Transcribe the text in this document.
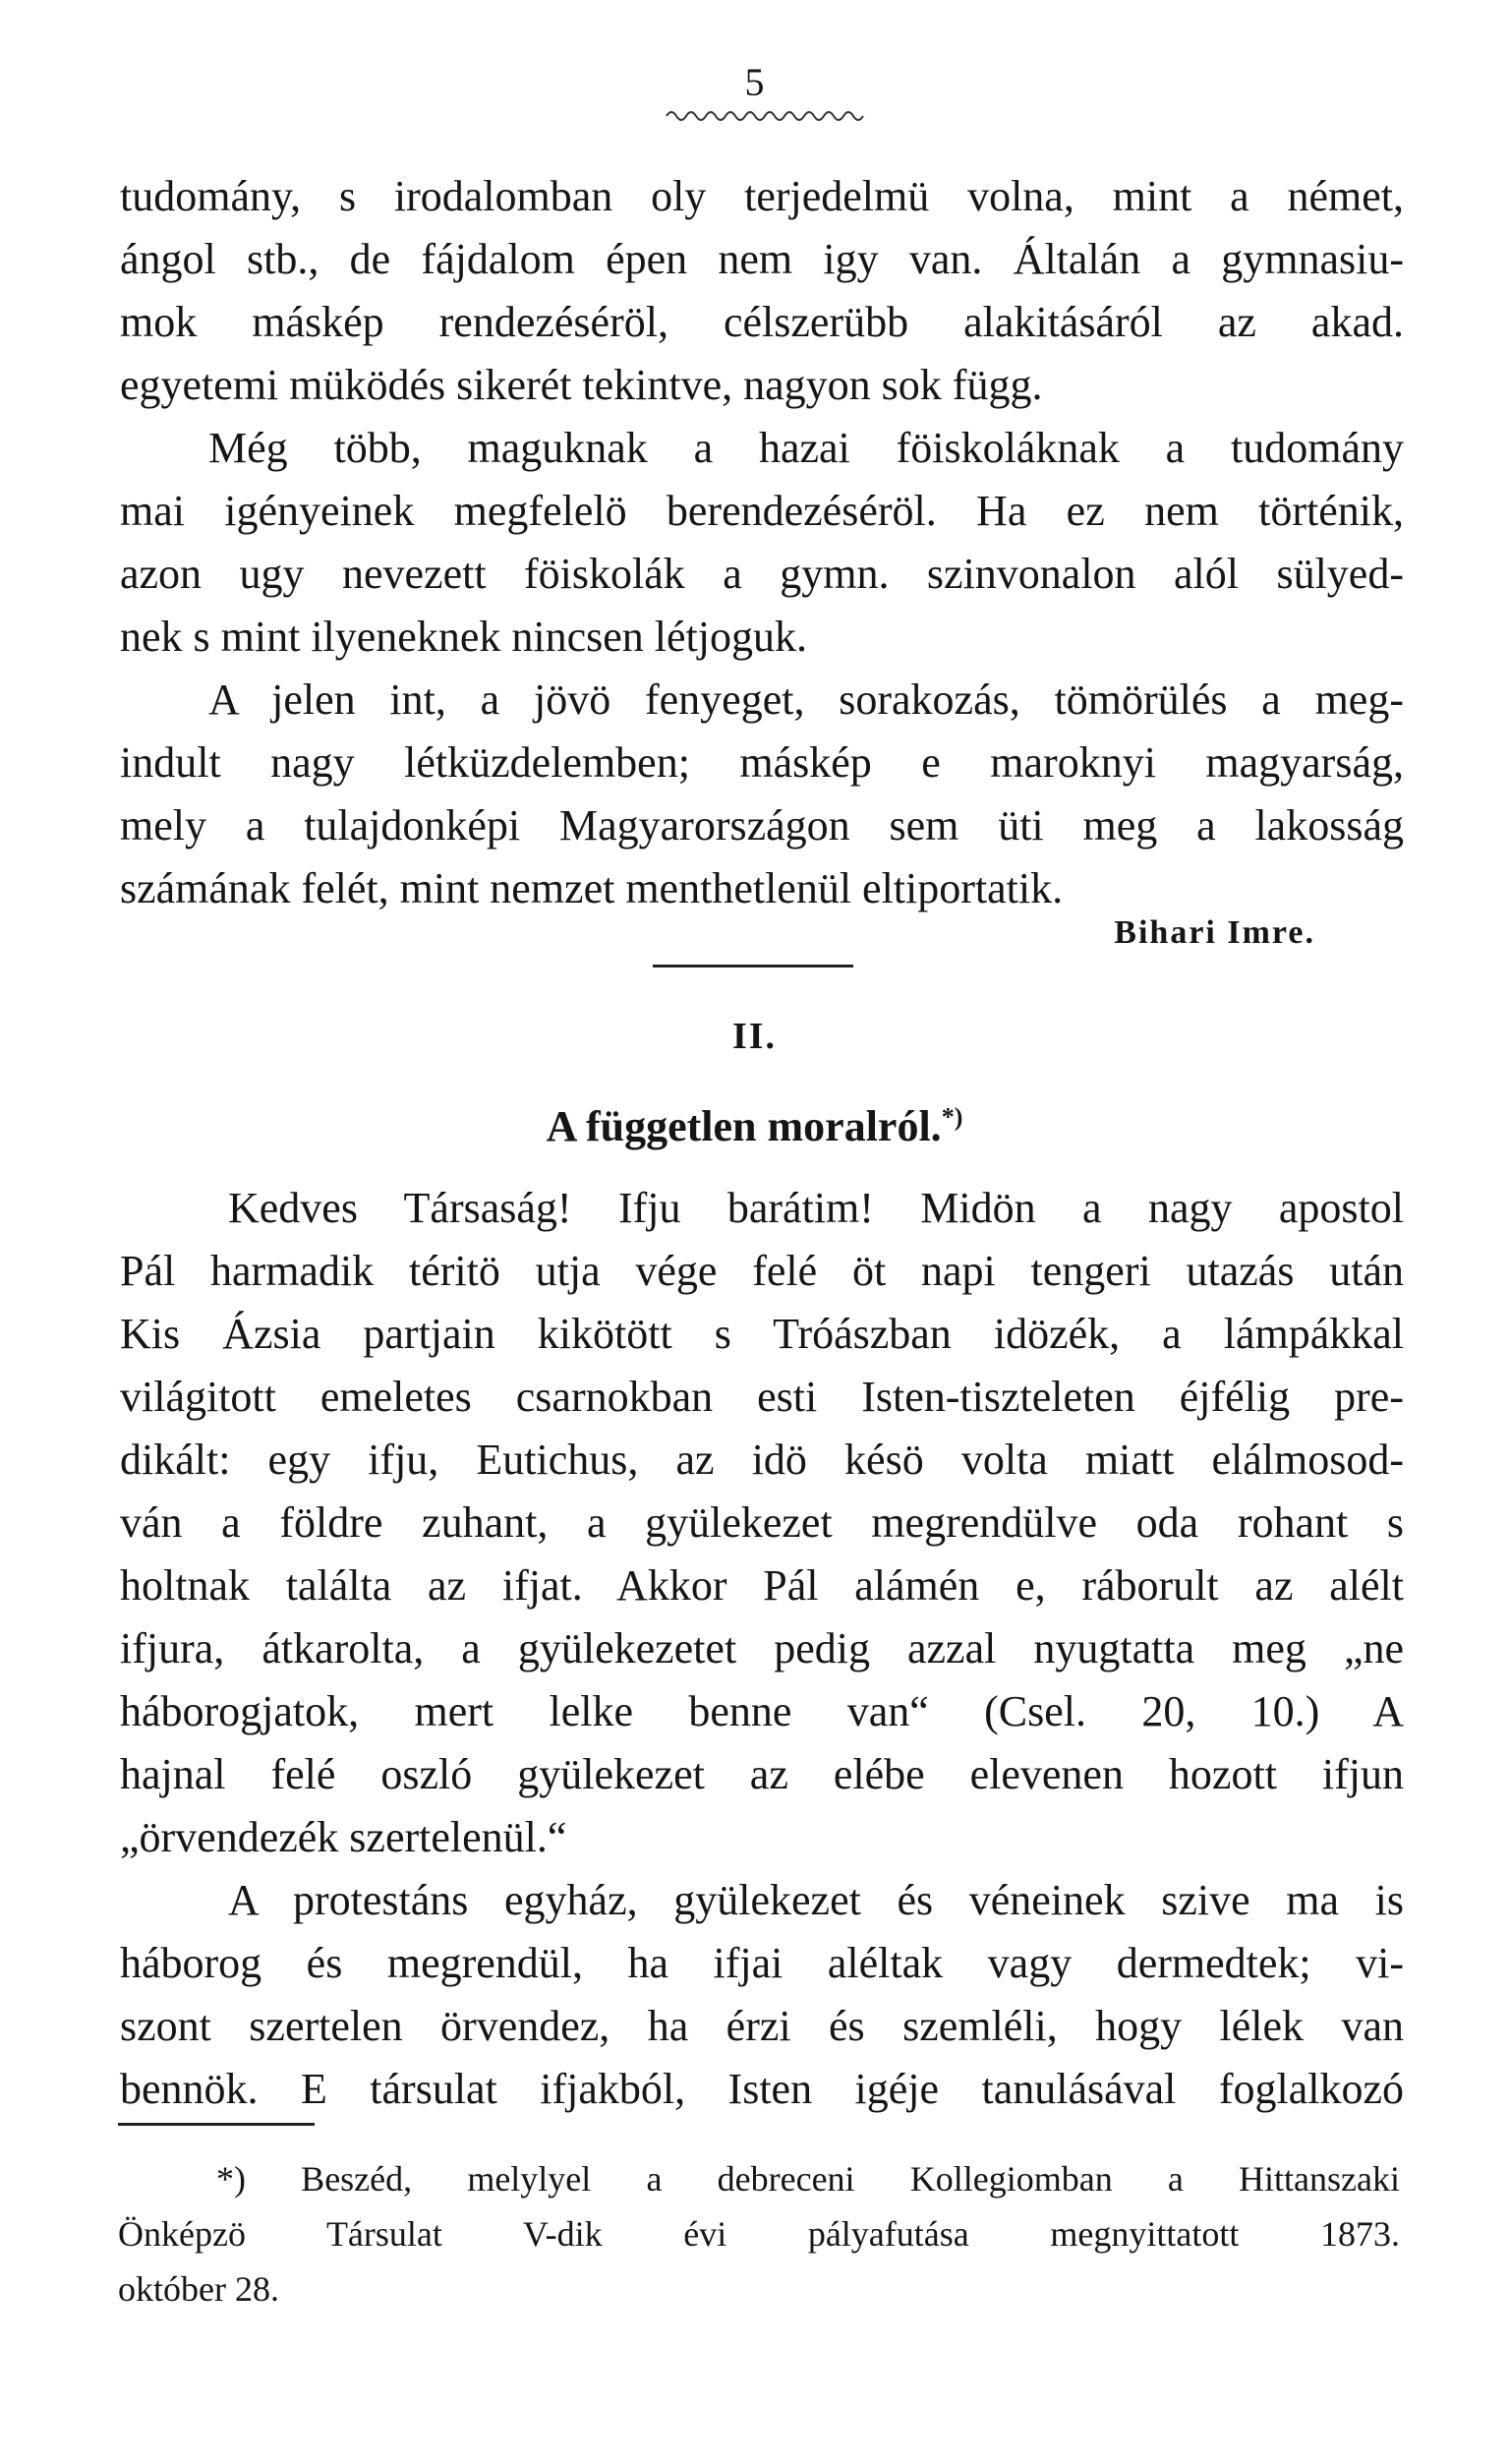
5
tudomány, s irodalomban oly terjedelmü volna, mint a német,
ángol stb., de fájdalom épen nem igy van. Általán a gymnasiu-
mok máskép rendezéséröl, célszerübb alakitásáról az akad.
egyetemi müködés sikerét tekintve, nagyon sok függ.
Még több, maguknak a hazai föiskoláknak a tudomány
mai igényeinek megfelelö berendezéséröl. Ha ez nem történik,
azon ugy nevezett föiskolák a gymn. szinvonalon alól sülyed-
nek s mint ilyeneknek nincsen létjoguk.
A jelen int, a jövö fenyeget, sorakozás, tömörülés a meg-
indult nagy létküzdelemben; máskép e maroknyi magyarság,
mely a tulajdonképi Magyarországon sem üti meg a lakosság
számának felét, mint nemzet menthetlenül eltiportatik.
Bihari Imre.
II.
A független moralról.*)
Kedves Társaság! Ifju barátim! Midön a nagy apostol
Pál harmadik téritö utja vége felé öt napi tengeri utazás után
Kis Ázsia partjain kikötött s Tróászban idözék, a lámpákkal
világitott emeletes csarnokban esti Isten-tiszteleten éjfélig pre-
dikált: egy ifju, Eutichus, az idö késö volta miatt elálmosod-
ván a földre zuhant, a gyülekezet megrendülve oda rohant s
holtnak találta az ifjat. Akkor Pál alámén e, ráborult az alélt
ifjura, átkarolta, a gyülekezetet pedig azzal nyugtatta meg „ne
háborogjatok, mert lelke benne van“ (Csel. 20, 10.) A
hajnal felé oszló gyülekezet az elébe elevenen hozott ifjun
„örvendezék szertelenül.“
A protestáns egyház, gyülekezet és véneinek szive ma is
háborog és megrendül, ha ifjai aléltak vagy dermedtek; vi-
szont szertelen örvendez, ha érzi és szemléli, hogy lélek van
bennök. E társulat ifjakból, Isten igéje tanulásával foglalkozó
*) Beszéd, melylyel a debreceni Kollegiomban a Hittanszaki
Önképzö Társulat V-dik évi pályafutása megnyittatott 1873.
október 28.
